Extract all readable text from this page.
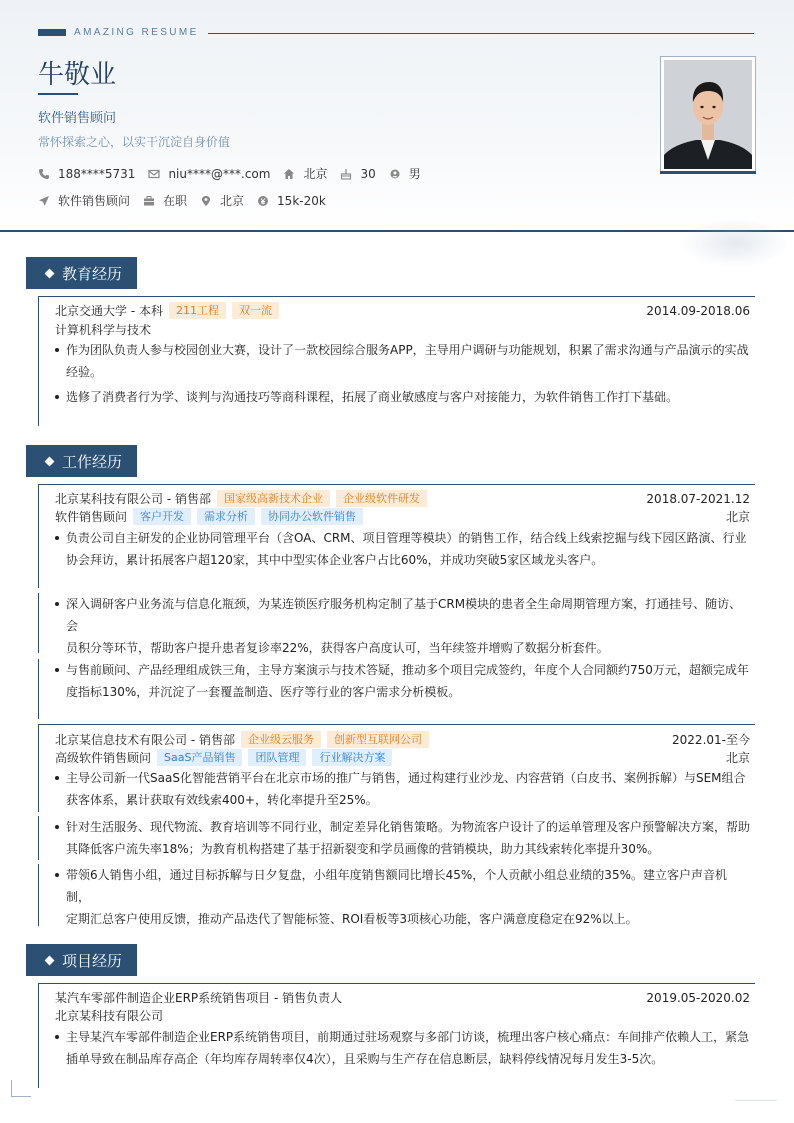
AMAZING RESUME
牛敬业
软件销售顾问
常怀探索之心，以实干沉淀自身价值
188****5731	niu****@***.com	北京	30	男
软件销售顾问	在职	北京	15k-20k
教育经历
北京交通大学 - 本科	211工程	双一流	2014.09-2018.06
计算机科学与技术
作为团队负责人参与校园创业大赛，设计了一款校园综合服务APP，主导用户调研与功能规划，积累了需求沟通与产品演示的实战
经验。
选修了消费者行为学、谈判与沟通技巧等商科课程，拓展了商业敏感度与客户对接能力，为软件销售工作打下基础。
工作经历
北京某科技有限公司 - 销售部	国家级高新技术企业	企业级软件研发	2018.07-2021.12
软件销售顾问	客户开发	需求分析	协同办公软件销售	北京
负责公司自主研发的企业协同管理平台（含OA、CRM、项目管理等模块）的销售工作，结合线上线索挖掘与线下园区路演、行业
协会拜访，累计拓展客户超120家，其中中型实体企业客户占比60%，并成功突破5家区域龙头客户。
深入调研客户业务流与信息化瓶颈，为某连锁医疗服务机构定制了基于CRM模块的患者全生命周期管理方案，打通挂号、随访、会
员积分等环节，帮助客户提升患者复诊率22%，获得客户高度认可，当年续签并增购了数据分析套件。
与售前顾问、产品经理组成铁三角，主导方案演示与技术答疑，推动多个项目完成签约，年度个人合同额约750万元，超额完成年
度指标130%，并沉淀了一套覆盖制造、医疗等行业的客户需求分析模板。
北京某信息技术有限公司 - 销售部	企业级云服务	创新型互联网公司	2022.01-至今
高级软件销售顾问	SaaS产品销售	团队管理	行业解决方案	北京
主导公司新一代SaaS化智能营销平台在北京市场的推广与销售，通过构建行业沙龙、内容营销（白皮书、案例拆解）与SEM组合
获客体系，累计获取有效线索400+，转化率提升至25%。
针对生活服务、现代物流、教育培训等不同行业，制定差异化销售策略。为物流客户设计了的运单管理及客户预警解决方案，帮助
其降低客户流失率18%；为教育机构搭建了基于招新裂变和学员画像的营销模块，助力其线索转化率提升30%。
带领6人销售小组，通过目标拆解与日夕复盘，小组年度销售额同比增长45%，个人贡献小组总业绩的35%。建立客户声音机制，
定期汇总客户使用反馈，推动产品迭代了智能标签、ROI看板等3项核心功能，客户满意度稳定在92%以上。
项目经历
某汽车零部件制造企业ERP系统销售项目 - 销售负责人	2019.05-2020.02
北京某科技有限公司
主导某汽车零部件制造企业ERP系统销售项目，前期通过驻场观察与多部门访谈，梳理出客户核心痛点：车间排产依赖人工，紧急
插单导致在制品库存高企（年均库存周转率仅4次），且采购与生产存在信息断层，缺料停线情况每月发生3-5次。
